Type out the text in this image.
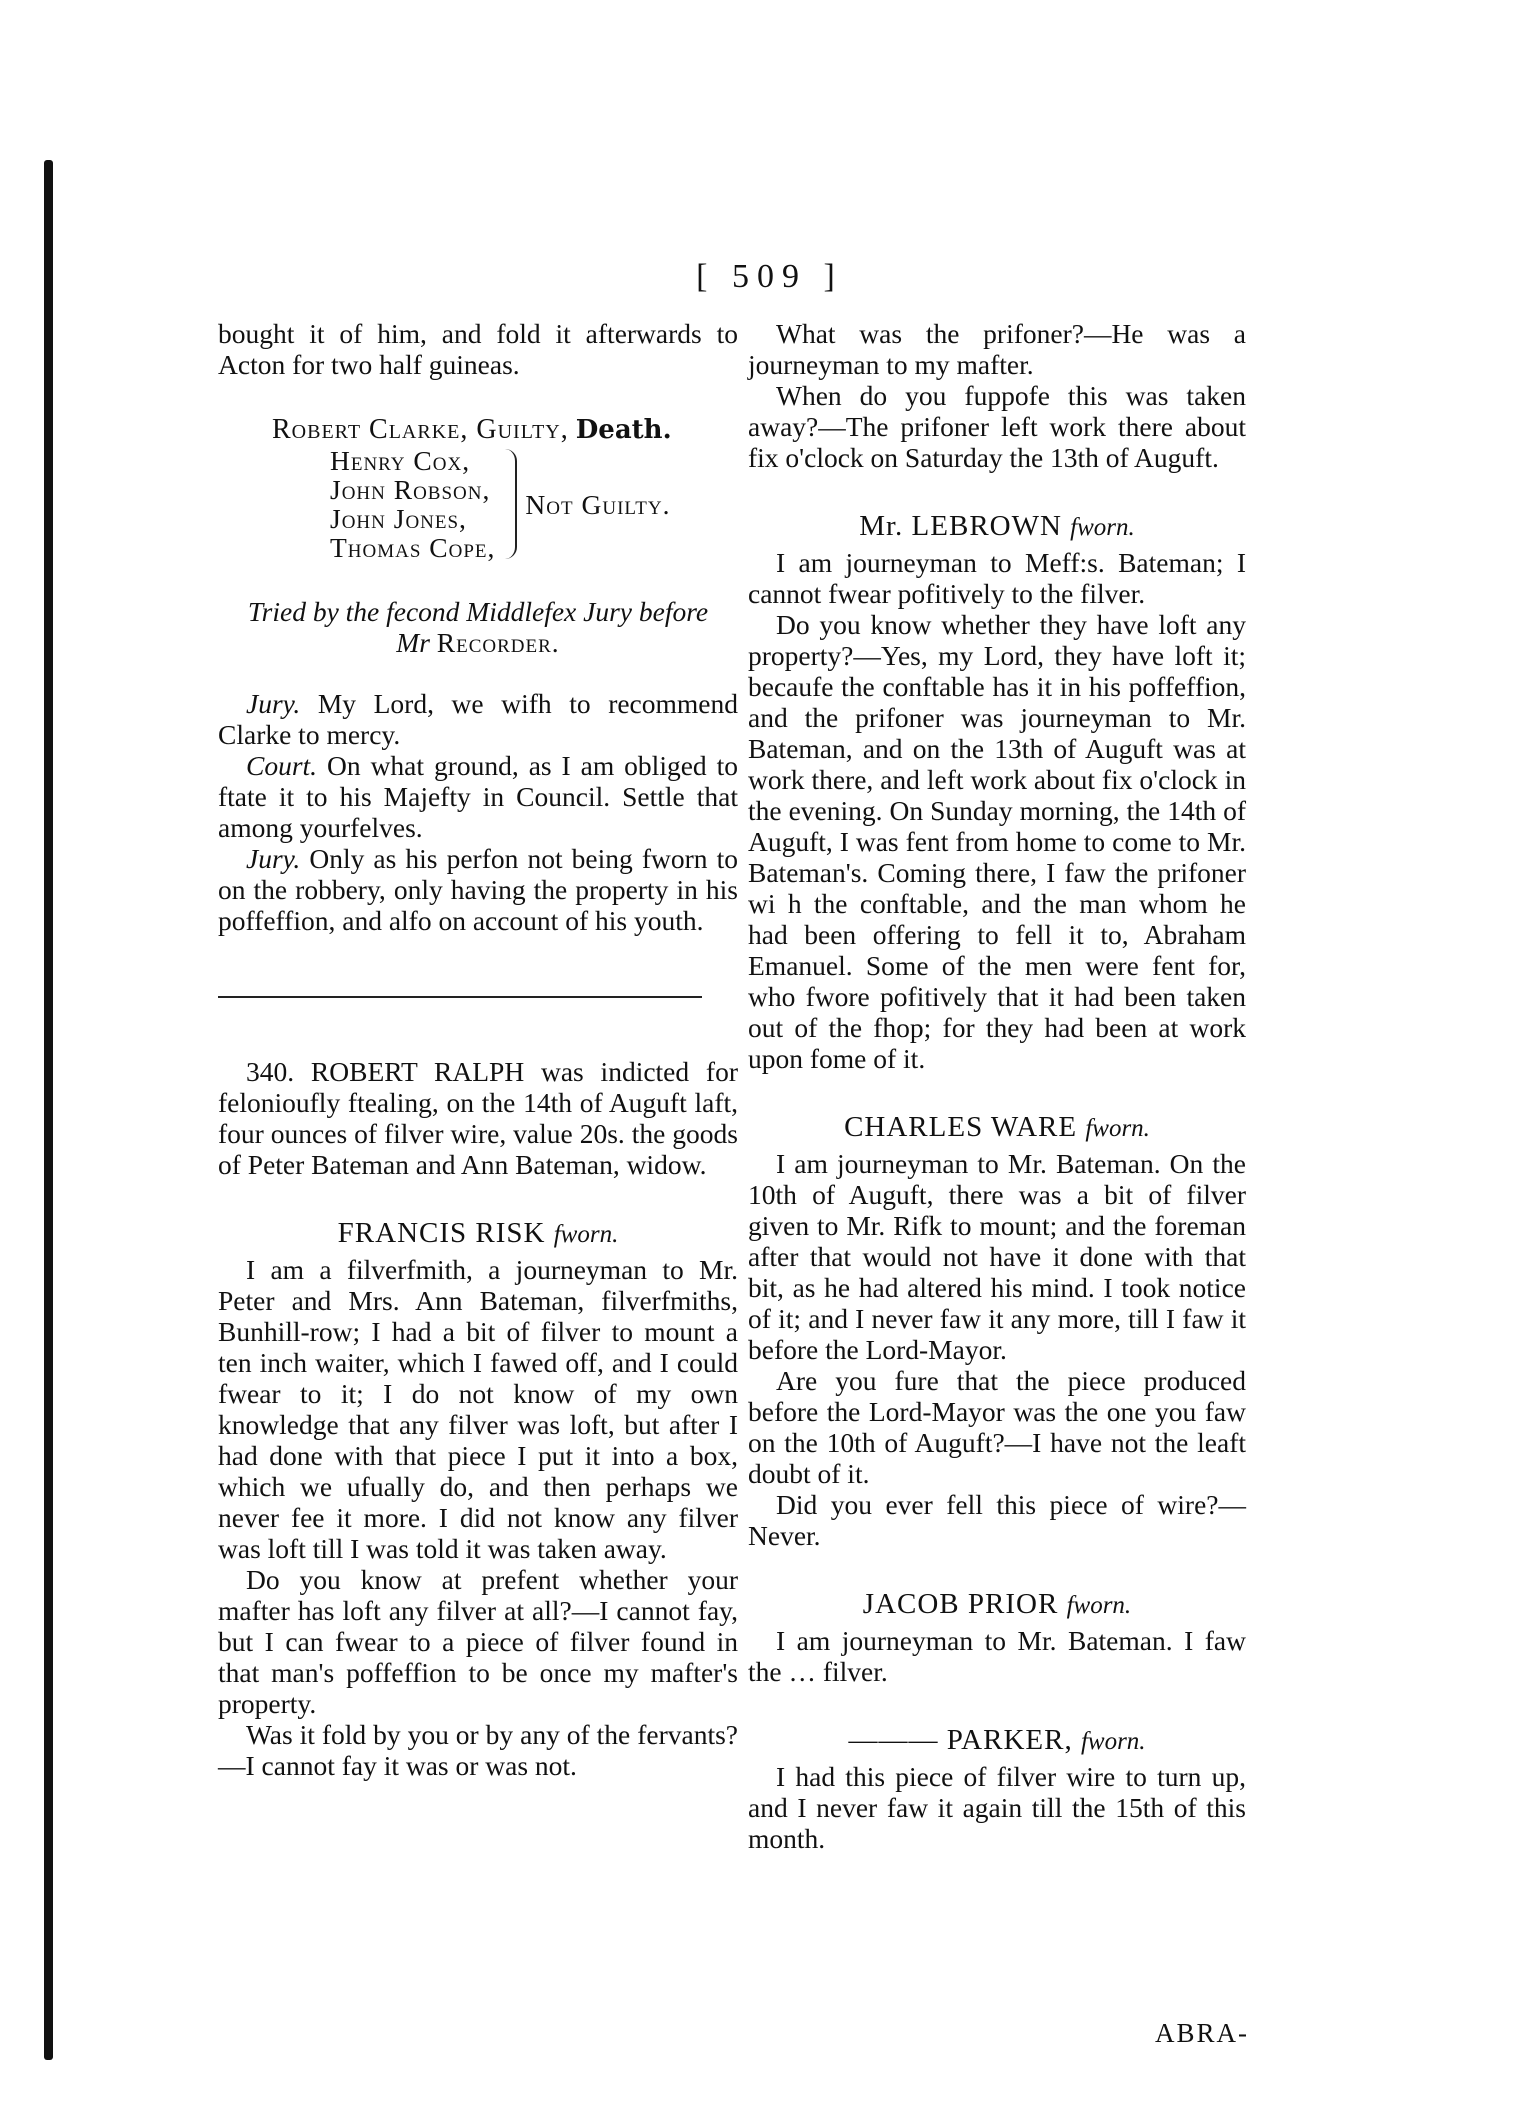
[ 509 ]

bought it of him, and fold it afterwards to Acton for two half guineas.

Robert Clarke, Guilty, Death.
Henry Cox,
John Robson,
John Jones,
Thomas Cope,
Not Guilty.
Tried by the fecond Middlefex Jury before
Mr Recorder.

Jury. My Lord, we wifh to recommend Clarke to mercy.

Court. On what ground, as I am obliged to ftate it to his Majefty in Council. Settle that among yourfelves.

Jury. Only as his perfon not being fworn to on the robbery, only having the property in his poffeffion, and alfo on account of his youth.

340. ROBERT RALPH was indicted for felonioufly ftealing, on the 14th of Auguft laft, four ounces of filver wire, value 20s. the goods of Peter Bateman and Ann Bateman, widow.

FRANCIS RISK fworn.

I am a filverfmith, a journeyman to Mr. Peter and Mrs. Ann Bateman, filverfmiths, Bunhill-row; I had a bit of filver to mount a ten inch waiter, which I fawed off, and I could fwear to it; I do not know of my own knowledge that any filver was loft, but after I had done with that piece I put it into a box, which we ufually do, and then perhaps we never fee it more. I did not know any filver was loft till I was told it was taken away.

Do you know at prefent whether your mafter has loft any filver at all?—I cannot fay, but I can fwear to a piece of filver found in that man's poffeffion to be once my mafter's property.

Was it fold by you or by any of the fervants?—I cannot fay it was or was not.

What was the prifoner?—He was a journeyman to my mafter.

When do you fuppofe this was taken away?—The prifoner left work there about fix o'clock on Saturday the 13th of Auguft.

Mr. LEBROWN fworn.

I am journeyman to Meff:s. Bateman; I cannot fwear pofitively to the filver.

Do you know whether they have loft any property?—Yes, my Lord, they have loft it; becaufe the conftable has it in his poffeffion, and the prifoner was journeyman to Mr. Bateman, and on the 13th of Auguft was at work there, and left work about fix o'clock in the evening. On Sunday morning, the 14th of Auguft, I was fent from home to come to Mr. Bateman's. Coming there, I faw the prifoner wi h the conftable, and the man whom he had been offering to fell it to, Abraham Emanuel. Some of the men were fent for, who fwore pofitively that it had been taken out of the fhop; for they had been at work upon fome of it.

CHARLES WARE fworn.

I am journeyman to Mr. Bateman. On the 10th of Auguft, there was a bit of filver given to Mr. Rifk to mount; and the foreman after that would not have it done with that bit, as he had altered his mind. I took notice of it; and I never faw it any more, till I faw it before the Lord-Mayor.

Are you fure that the piece produced before the Lord-Mayor was the one you faw on the 10th of Auguft?—I have not the leaft doubt of it.

Did you ever fell this piece of wire?— Never.

JACOB PRIOR fworn.

I am journeyman to Mr. Bateman. I faw the … filver.

——— PARKER, fworn.

I had this piece of filver wire to turn up, and I never faw it again till the 15th of this month.

ABRA-
